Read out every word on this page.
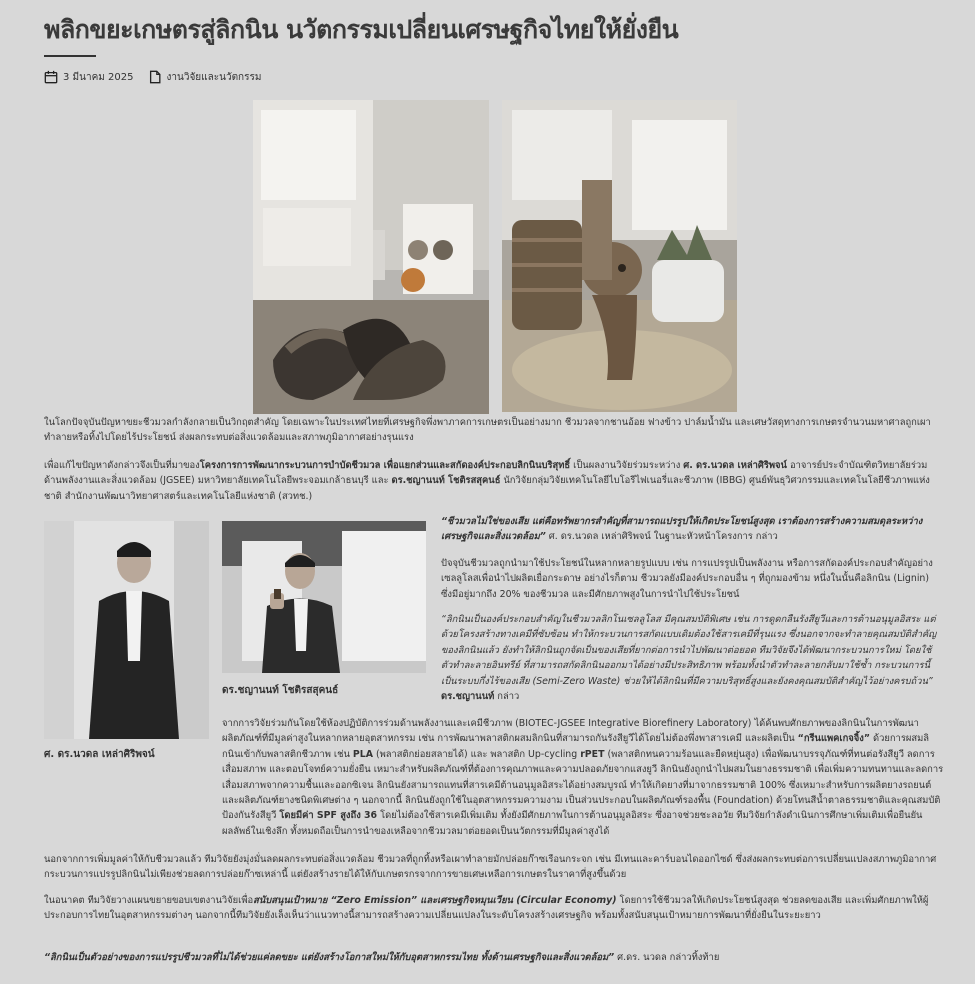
พลิกขยะเกษตรสู่ลิกนิน นวัตกรรมเปลี่ยนเศรษฐกิจไทยให้ยั่งยืน
3 มีนาคม 2025	งานวิจัยและนวัตกรรม

ในโลกปัจจุบันปัญหาขยะชีวมวลกำลังกลายเป็นวิกฤตสำคัญ โดยเฉพาะในประเทศไทยที่เศรษฐกิจพึ่งพาภาคการเกษตรเป็นอย่างมาก ชีวมวลจากชานอ้อย ฟางข้าว ปาล์มน้ำมัน และเศษวัสดุทางการเกษตรจำนวนมหาศาลถูกเผาทำลายหรือทิ้งไปโดยไร้ประโยชน์ ส่งผลกระทบต่อสิ่งแวดล้อมและสภาพภูมิอากาศอย่างรุนแรง

เพื่อแก้ไขปัญหาดังกล่าวจึงเป็นที่มาของโครงการการพัฒนากระบวนการบำบัดชีวมวล เพื่อแยกส่วนและสกัดองค์ประกอบลิกนินบริสุทธิ์ เป็นผลงานวิจัยร่วมระหว่าง ศ. ดร.นวดล เหล่าศิริพจน์ อาจารย์ประจำบัณฑิตวิทยาลัยร่วมด้านพลังงานและสิ่งแวดล้อม (JGSEE) มหาวิทยาลัยเทคโนโลยีพระจอมเกล้าธนบุรี และ ดร.ชญานนท์ โชติรสสุคนธ์ นักวิจัยกลุ่มวิจัยเทคโนโลยีไบโอรีไฟเนอรี่และชีวภาพ (IBBG) ศูนย์พันธุวิศวกรรมและเทคโนโลยีชีวภาพแห่งชาติ สำนักงานพัฒนาวิทยาศาสตร์และเทคโนโลยีแห่งชาติ (สวทช.)

ศ. ดร.นวดล เหล่าศิริพจน์
ดร.ชญานนท์ โชติรสสุคนธ์

“ชีวมวลไม่ใช่ของเสีย แต่คือทรัพยากรสำคัญที่สามารถแปรรูปให้เกิดประโยชน์สูงสุด เราต้องการสร้างความสมดุลระหว่างเศรษฐกิจและสิ่งแวดล้อม” ศ. ดร.นวดล เหล่าศิริพจน์ ในฐานะหัวหน้าโครงการ กล่าว

ปัจจุบันชีวมวลถูกนำมาใช้ประโยชน์ในหลากหลายรูปแบบ เช่น การแปรรูปเป็นพลังงาน หรือการสกัดองค์ประกอบสำคัญอย่างเซลลูโลสเพื่อนำไปผลิตเยื่อกระดาษ อย่างไรก็ตาม ชีวมวลยังมีองค์ประกอบอื่น ๆ ที่ถูกมองข้าม หนึ่งในนั้นคือลิกนิน (Lignin) ซึ่งมีอยู่มากถึง 20% ของชีวมวล และมีศักยภาพสูงในการนำไปใช้ประโยชน์

“ลิกนินเป็นองค์ประกอบสำคัญในชีวมวลลิกโนเซลลูโลส มีคุณสมบัติพิเศษ เช่น การดูดกลืนรังสียูวีและการต้านอนุมูลอิสระ แต่ด้วยโครงสร้างทางเคมีที่ซับซ้อน ทำให้กระบวนการสกัดแบบเดิมต้องใช้สารเคมีที่รุนแรง ซึ่งนอกจากจะทำลายคุณสมบัติสำคัญของลิกนินแล้ว ยังทำให้ลิกนินถูกจัดเป็นของเสียที่ยากต่อการนำไปพัฒนาต่อยอด ทีมวิจัยจึงได้พัฒนากระบวนการใหม่ โดยใช้ ตัวทำละลายอินทรีย์ ที่สามารถสกัดลิกนินออกมาได้อย่างมีประสิทธิภาพ พร้อมทั้งนำตัวทำละลายกลับมาใช้ซ้ำ กระบวนการนี้เป็นระบบกึ่งไร้ของเสีย (Semi-Zero Waste) ช่วยให้ได้ลิกนินที่มีความบริสุทธิ์สูงและยังคงคุณสมบัติสำคัญไว้อย่างครบถ้วน” ดร.ชญานนท์ กล่าว

จากการวิจัยร่วมกันโดยใช้ห้องปฏิบัติการร่วมด้านพลังงานและเคมีชีวภาพ (BIOTEC-JGSEE Integrative Biorefinery Laboratory) ได้ค้นพบศักยภาพของลิกนินในการพัฒนาผลิตภัณฑ์ที่มีมูลค่าสูงในหลากหลายอุตสาหกรรม เช่น การพัฒนาพลาสติกผสมลิกนินที่สามารถกันรังสียูวีได้โดยไม่ต้องพึ่งพาสารเคมี และผลิตเป็น “กรีนแพคเกจจิ้ง” ด้วยการผสมลิกนินเข้ากับพลาสติกชีวภาพ เช่น PLA (พลาสติกย่อยสลายได้) และ พลาสติก Up-cycling rPET (พลาสติกทนความร้อนและยืดหยุ่นสูง) เพื่อพัฒนาบรรจุภัณฑ์ที่ทนต่อรังสียูวี ลดการเสื่อมสภาพ และตอบโจทย์ความยั่งยืน เหมาะสำหรับผลิตภัณฑ์ที่ต้องการคุณภาพและความปลอดภัยจากแสงยูวี ลิกนินยังถูกนำไปผสมในยางธรรมชาติ เพื่อเพิ่มความทนทานและลดการเสื่อมสภาพจากความชื้นและออกซิเจน ลิกนินยังสามารถแทนที่สารเคมีต้านอนุมูลอิสระได้อย่างสมบูรณ์ ทำให้เกิดยางที่มาจากธรรมชาติ 100% ซึ่งเหมาะสำหรับการผลิตยางรถยนต์และผลิตภัณฑ์ยางชนิดพิเศษต่าง ๆ นอกจากนี้ ลิกนินยังถูกใช้ในอุตสาหกรรมความงาม เป็นส่วนประกอบในผลิตภัณฑ์รองพื้น (Foundation) ด้วยโทนสีน้ำตาลธรรมชาติและคุณสมบัติป้องกันรังสียูวี โดยมีค่า SPF สูงถึง 36 โดยไม่ต้องใช้สารเคมีเพิ่มเติม ทั้งยังมีศักยภาพในการต้านอนุมูลอิสระ ซึ่งอาจช่วยชะลอวัย ทีมวิจัยกำลังดำเนินการศึกษาเพิ่มเติมเพื่อยืนยันผลลัพธ์ในเชิงลึก ทั้งหมดถือเป็นการนำของเหลือจากชีวมวลมาต่อยอดเป็นนวัตกรรมที่มีมูลค่าสูงได้

นอกจากการเพิ่มมูลค่าให้กับชีวมวลแล้ว ทีมวิจัยยังมุ่งมั่นลดผลกระทบต่อสิ่งแวดล้อม ชีวมวลที่ถูกทิ้งหรือเผาทำลายมักปล่อยก๊าซเรือนกระจก เช่น มีเทนและคาร์บอนไดออกไซด์ ซึ่งส่งผลกระทบต่อการเปลี่ยนแปลงสภาพภูมิอากาศ กระบวนการแปรรูปลิกนินไม่เพียงช่วยลดการปล่อยก๊าซเหล่านี้ แต่ยังสร้างรายได้ให้กับเกษตรกรจากการขายเศษเหลือการเกษตรในราคาที่สูงขึ้นด้วย

ในอนาคต ทีมวิจัยวางแผนขยายขอบเขตงานวิจัยเพื่อสนับสนุนเป้าหมาย “Zero Emission” และเศรษฐกิจหมุนเวียน (Circular Economy) โดยการใช้ชีวมวลให้เกิดประโยชน์สูงสุด ช่วยลดของเสีย และเพิ่มศักยภาพให้ผู้ประกอบการไทยในอุตสาหกรรมต่างๆ นอกจากนี้ทีมวิจัยยังเล็งเห็นว่าแนวทางนี้สามารถสร้างความเปลี่ยนแปลงในระดับโครงสร้างเศรษฐกิจ พร้อมทั้งสนับสนุนเป้าหมายการพัฒนาที่ยั่งยืนในระยะยาว

“ลิกนินเป็นตัวอย่างของการแปรรูปชีวมวลที่ไม่ได้ช่วยแค่ลดขยะ แต่ยังสร้างโอกาสใหม่ให้กับอุตสาหกรรมไทย ทั้งด้านเศรษฐกิจและสิ่งแวดล้อม” ศ.ดร. นวดล กล่าวทิ้งท้าย
